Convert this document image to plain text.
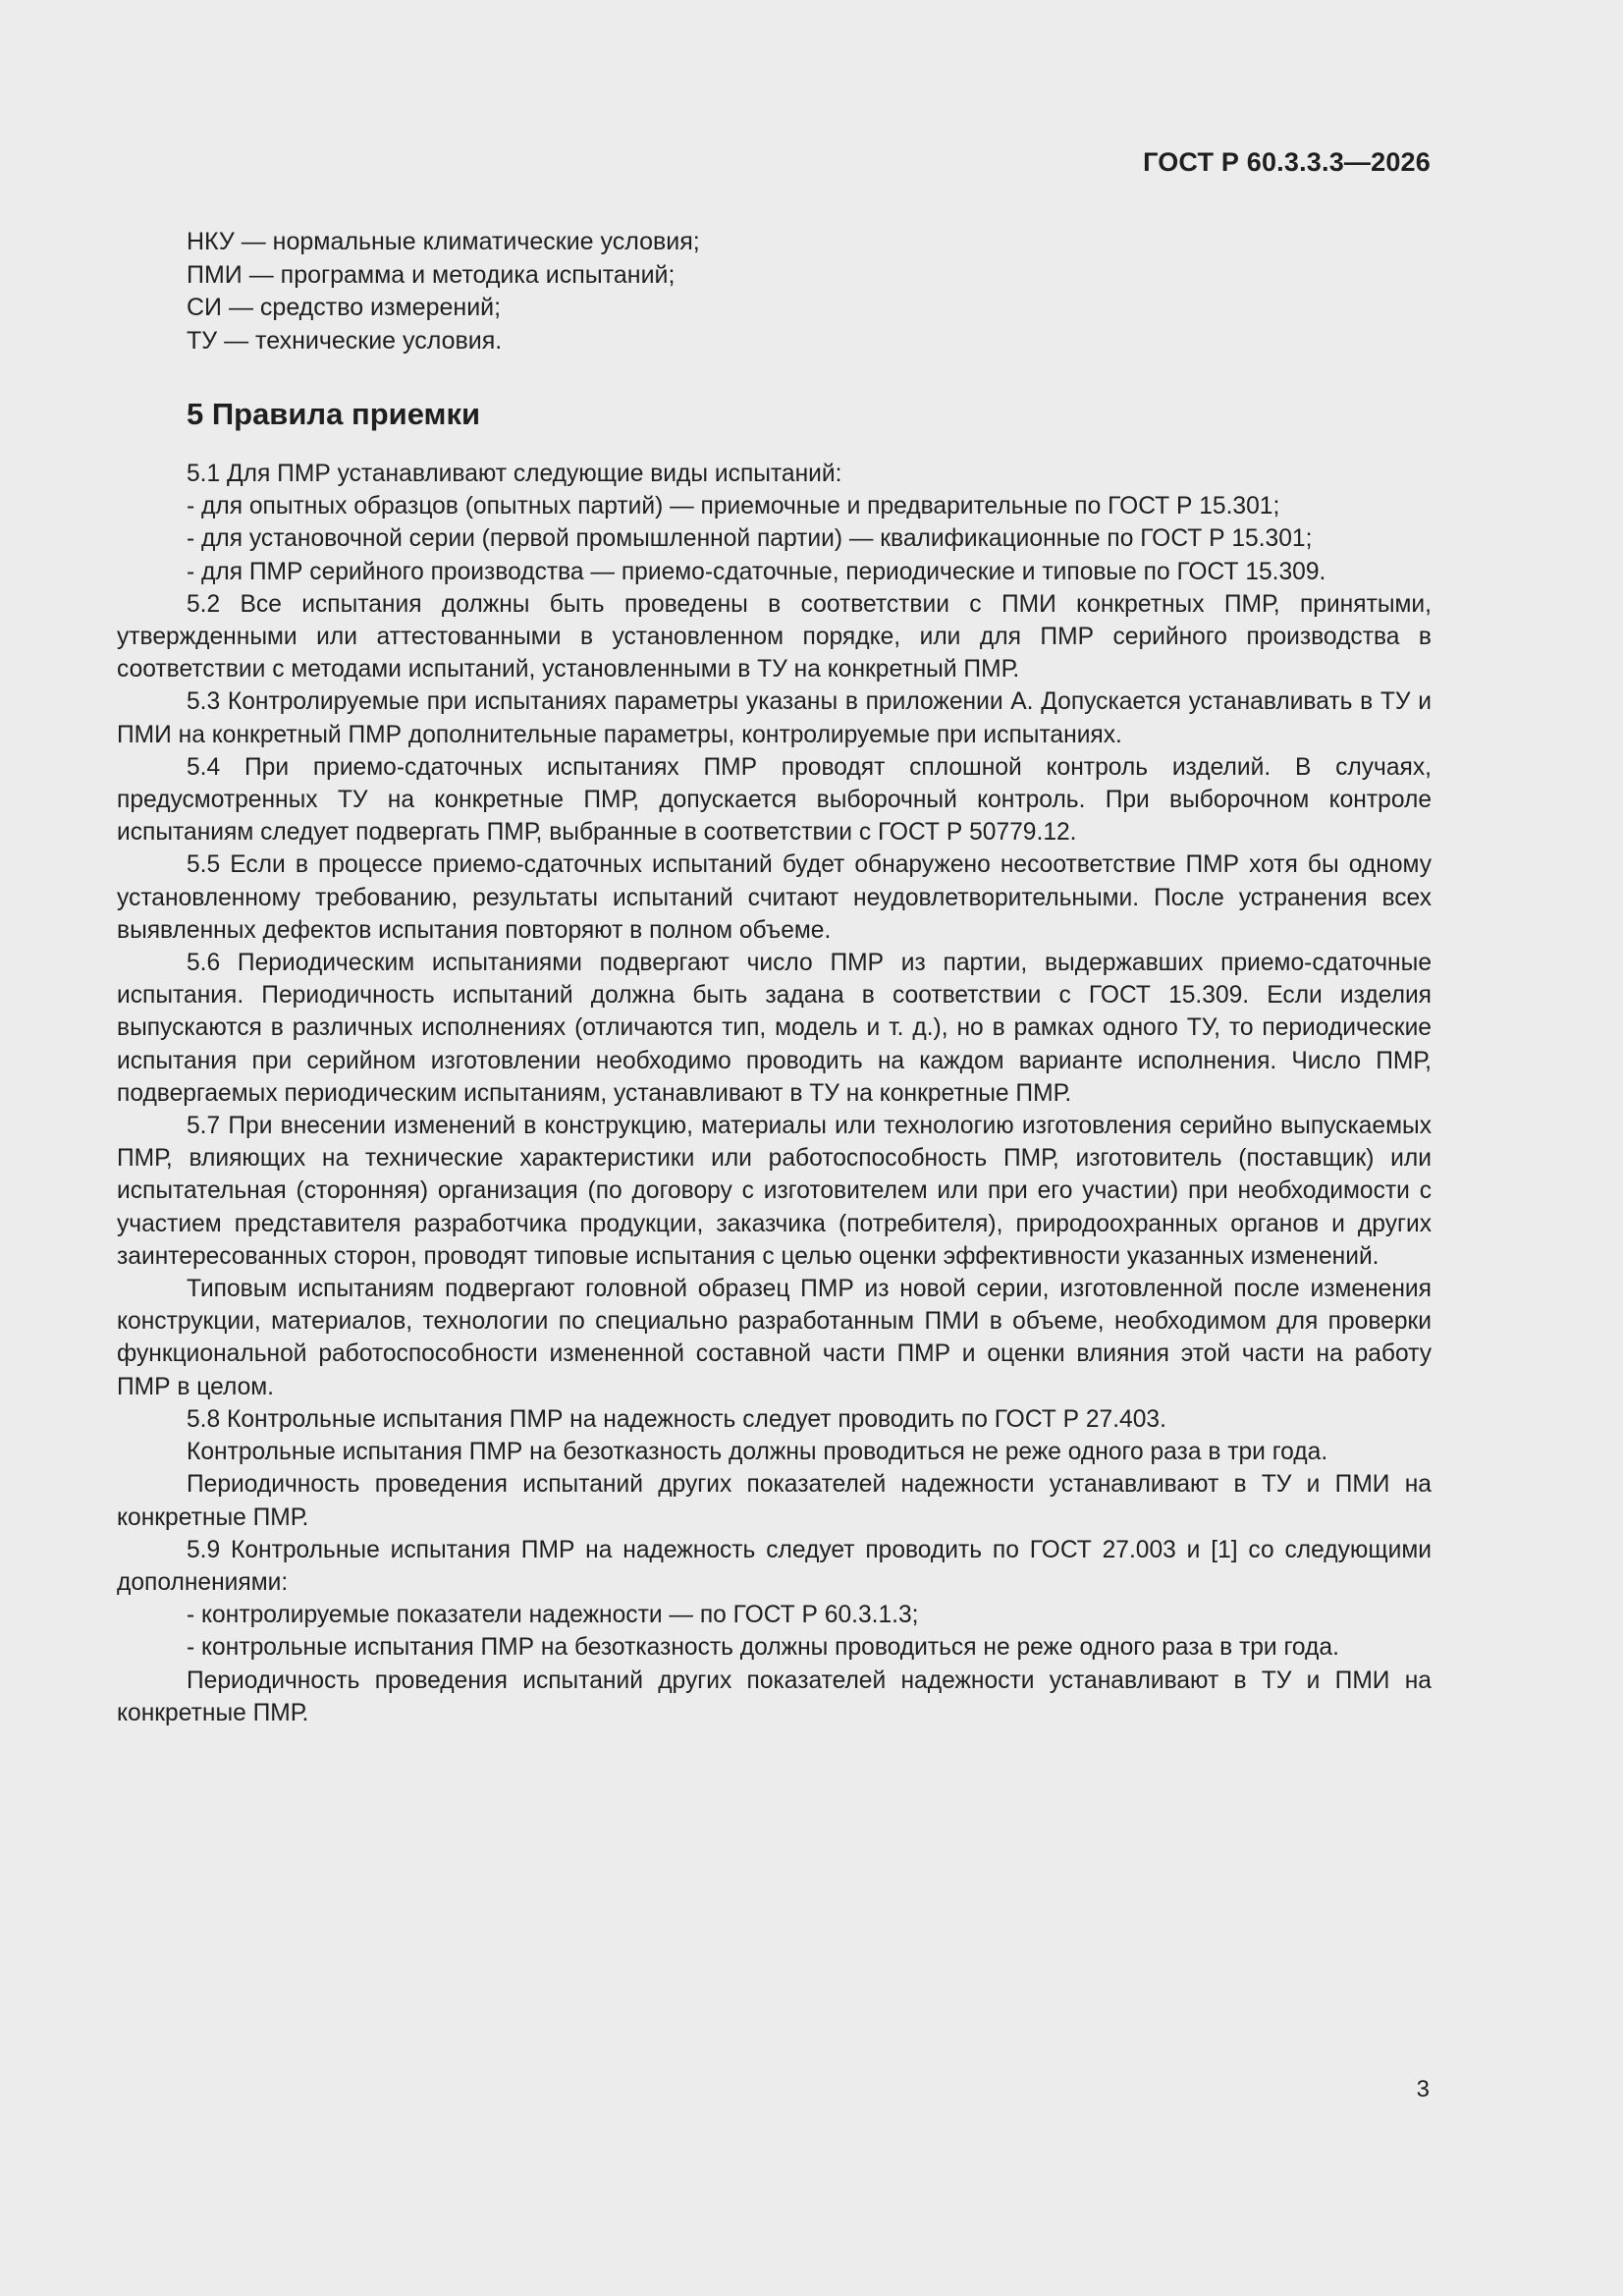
ГОСТ Р 60.3.3.3—2026
НКУ — нормальные климатические условия;
ПМИ — программа и методика испытаний;
СИ — средство измерений;
ТУ — технические условия.
5 Правила приемки

5.1 Для ПМР устанавливают следующие виды испытаний:

- для опытных образцов (опытных партий) — приемочные и предварительные по ГОСТ Р 15.301;

- для установочной серии (первой промышленной партии) — квалификационные по ГОСТ Р 15.301;

- для ПМР серийного производства — приемо-сдаточные, периодические и типовые по ГОСТ 15.309.

5.2 Все испытания должны быть проведены в соответствии с ПМИ конкретных ПМР, принятыми, утвержденными или аттестованными в установленном порядке, или для ПМР серийного производства в соответствии с методами испытаний, установленными в ТУ на конкретный ПМР.

5.3 Контролируемые при испытаниях параметры указаны в приложении А. Допускается устанавливать в ТУ и ПМИ на конкретный ПМР дополнительные параметры, контролируемые при испытаниях.

5.4 При приемо-сдаточных испытаниях ПМР проводят сплошной контроль изделий. В случаях, предусмотренных ТУ на конкретные ПМР, допускается выборочный контроль. При выборочном контроле испытаниям следует подвергать ПМР, выбранные в соответствии с ГОСТ Р 50779.12.

5.5 Если в процессе приемо-сдаточных испытаний будет обнаружено несоответствие ПМР хотя бы одному установленному требованию, результаты испытаний считают неудовлетворительными. После устранения всех выявленных дефектов испытания повторяют в полном объеме.

5.6 Периодическим испытаниями подвергают число ПМР из партии, выдержавших приемо-сдаточные испытания. Периодичность испытаний должна быть задана в соответствии с ГОСТ 15.309. Если изделия выпускаются в различных исполнениях (отличаются тип, модель и т. д.), но в рамках одного ТУ, то периодические испытания при серийном изготовлении необходимо проводить на каждом варианте исполнения. Число ПМР, подвергаемых периодическим испытаниям, устанавливают в ТУ на конкретные ПМР.

5.7 При внесении изменений в конструкцию, материалы или технологию изготовления серийно выпускаемых ПМР, влияющих на технические характеристики или работоспособность ПМР, изготовитель (поставщик) или испытательная (сторонняя) организация (по договору с изготовителем или при его участии) при необходимости с участием представителя разработчика продукции, заказчика (потребителя), природоохранных органов и других заинтересованных сторон, проводят типовые испытания с целью оценки эффективности указанных изменений.

Типовым испытаниям подвергают головной образец ПМР из новой серии, изготовленной после изменения конструкции, материалов, технологии по специально разработанным ПМИ в объеме, необходимом для проверки функциональной работоспособности измененной составной части ПМР и оценки влияния этой части на работу ПМР в целом.

5.8 Контрольные испытания ПМР на надежность следует проводить по ГОСТ Р 27.403.

Контрольные испытания ПМР на безотказность должны проводиться не реже одного раза в три года.

Периодичность проведения испытаний других показателей надежности устанавливают в ТУ и ПМИ на конкретные ПМР.

5.9 Контрольные испытания ПМР на надежность следует проводить по ГОСТ 27.003 и [1] со следующими дополнениями:

- контролируемые показатели надежности — по ГОСТ Р 60.3.1.3;

- контрольные испытания ПМР на безотказность должны проводиться не реже одного раза в три года.

Периодичность проведения испытаний других показателей надежности устанавливают в ТУ и ПМИ на конкретные ПМР.

3
